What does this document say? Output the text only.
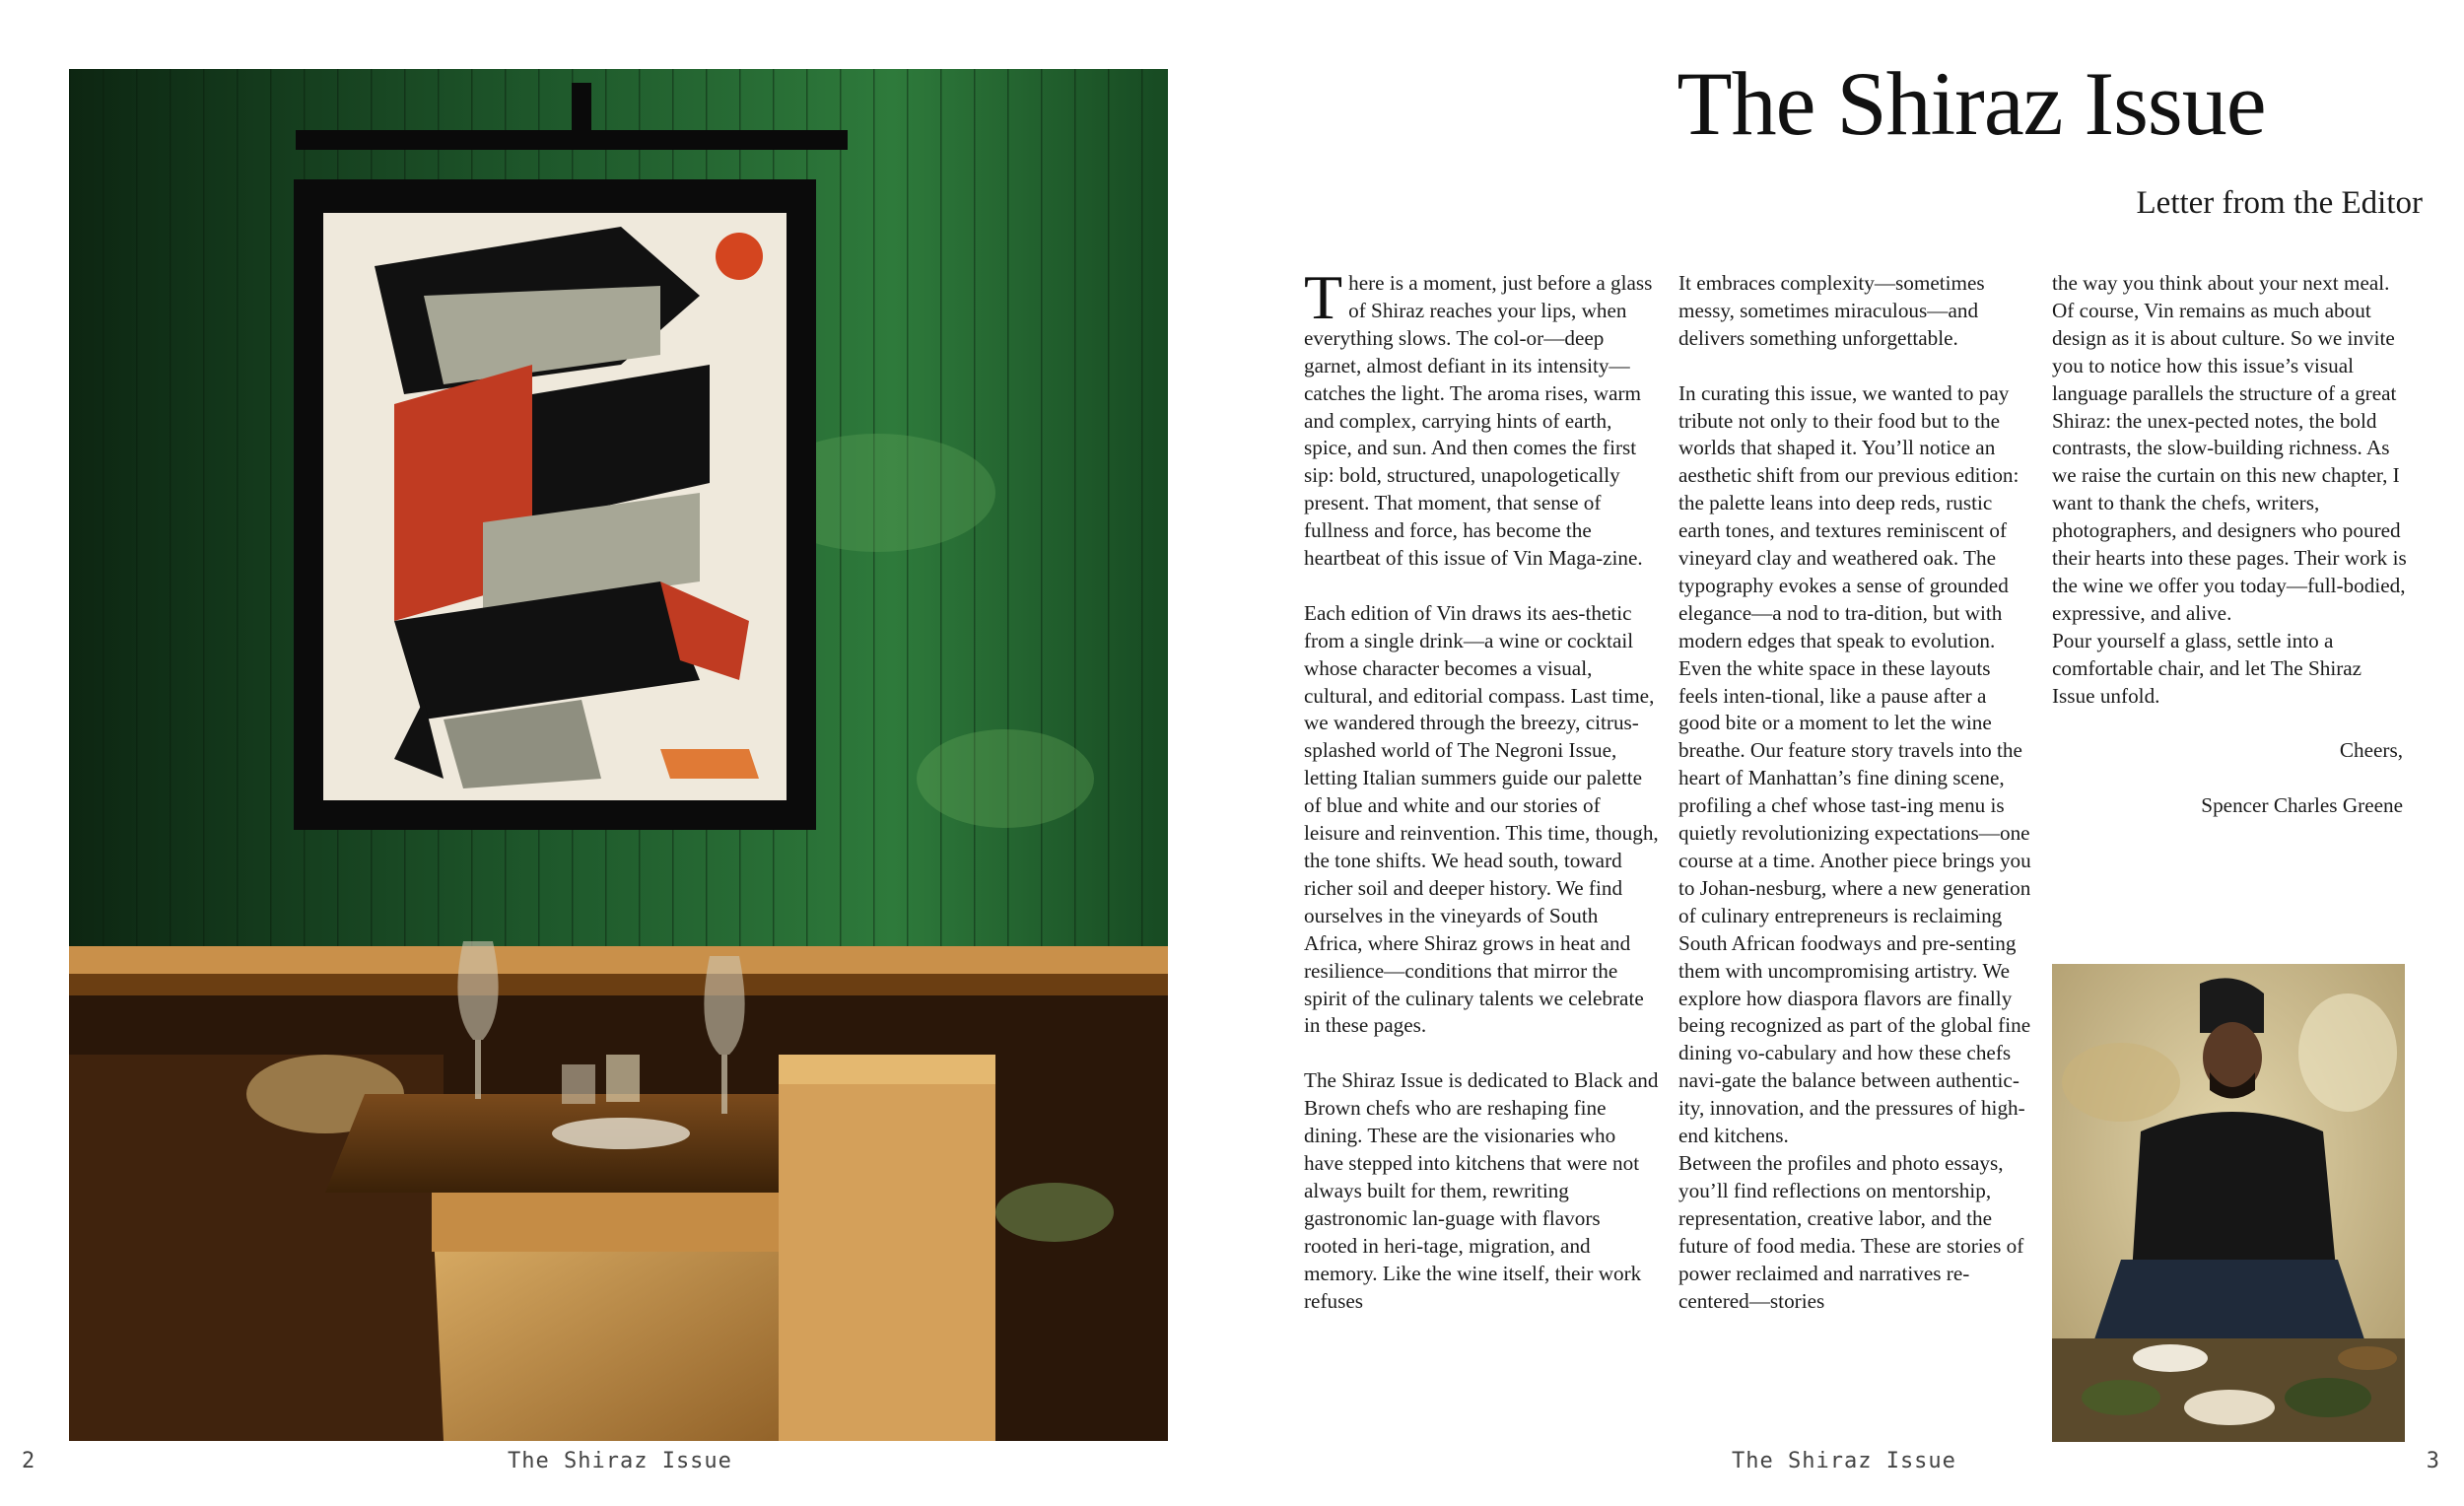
The Shiraz Issue
Letter from the Editor

There is a moment, just before a glass of Shiraz reaches your lips, when everything slows. The col-or—deep garnet, almost defiant in its intensity—catches the light. The aroma rises, warm and complex, carrying hints of earth, spice, and sun. And then comes the first sip: bold, structured, unapologetically present. That moment, that sense of fullness and force, has become the heartbeat of this issue of Vin Maga-zine.

Each edition of Vin draws its aes-thetic from a single drink—a wine or cocktail whose character becomes a visual, cultural, and editorial compass. Last time, we wandered through the breezy, citrus-splashed world of The Negroni Issue, letting Italian summers guide our palette of blue and white and our stories of leisure and reinvention. This time, though, the tone shifts. We head south, toward richer soil and deeper history. We find ourselves in the vineyards of South Africa, where Shiraz grows in heat and resilience—conditions that mirror the spirit of the culinary talents we celebrate in these pages.

The Shiraz Issue is dedicated to Black and Brown chefs who are reshaping fine dining. These are the visionaries who have stepped into kitchens that were not always built for them, rewriting gastronomic lan-guage with flavors rooted in heri-tage, migration, and memory. Like the wine itself, their work refuses

It embraces complexity—sometimes messy, sometimes miraculous—and delivers something unforgettable.

In curating this issue, we wanted to pay tribute not only to their food but to the worlds that shaped it. You’ll notice an aesthetic shift from our previous edition: the palette leans into deep reds, rustic earth tones, and textures reminiscent of vineyard clay and weathered oak. The typography evokes a sense of grounded elegance—a nod to tra-dition, but with modern edges that speak to evolution. Even the white space in these layouts feels inten-tional, like a pause after a good bite or a moment to let the wine breathe. Our feature story travels into the heart of Manhattan’s fine dining scene, profiling a chef whose tast-ing menu is quietly revolutionizing expectations—one course at a time. Another piece brings you to Johan-nesburg, where a new generation of culinary entrepreneurs is reclaiming South African foodways and pre-senting them with uncompromising artistry. We explore how diaspora flavors are finally being recognized as part of the global fine dining vo-cabulary and how these chefs navi-gate the balance between authentic-ity, innovation, and the pressures of high-end kitchens.

Between the profiles and photo essays, you’ll find reflections on mentorship, representation, creative labor, and the future of food media. These are stories of power reclaimed and narratives re-centered—stories

the way you think about your next meal.

Of course, Vin remains as much about design as it is about culture. So we invite you to notice how this issue’s visual language parallels the structure of a great Shiraz: the unex-pected notes, the bold contrasts, the slow-building richness. As we raise the curtain on this new chapter, I want to thank the chefs, writers, photographers, and designers who poured their hearts into these pages. Their work is the wine we offer you today—full-bodied, expressive, and alive.

Pour yourself a glass, settle into a comfortable chair, and let The Shiraz Issue unfold.

Cheers,

Spencer Charles Greene

2	The Shiraz Issue	The Shiraz Issue	3
